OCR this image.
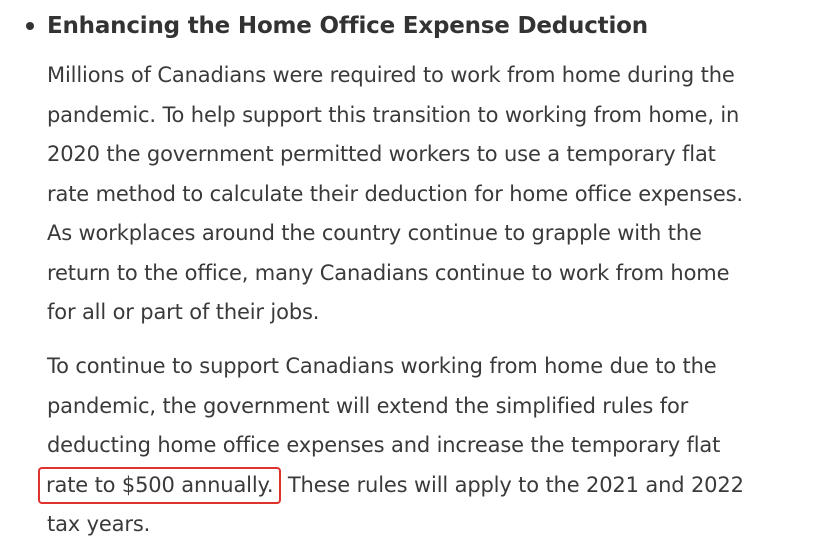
Enhancing the Home Office Expense Deduction

Millions of Canadians were required to work from home during the
pandemic. To help support this transition to working from home, in
2020 the government permitted workers to use a temporary flat
rate method to calculate their deduction for home office expenses.
As workplaces around the country continue to grapple with the
return to the office, many Canadians continue to work from home
for all or part of their jobs.

To continue to support Canadians working from home due to the
pandemic, the government will extend the simplified rules for
deducting home office expenses and increase the temporary flat
rate to $500 annually. These rules will apply to the 2021 and 2022
tax years.
